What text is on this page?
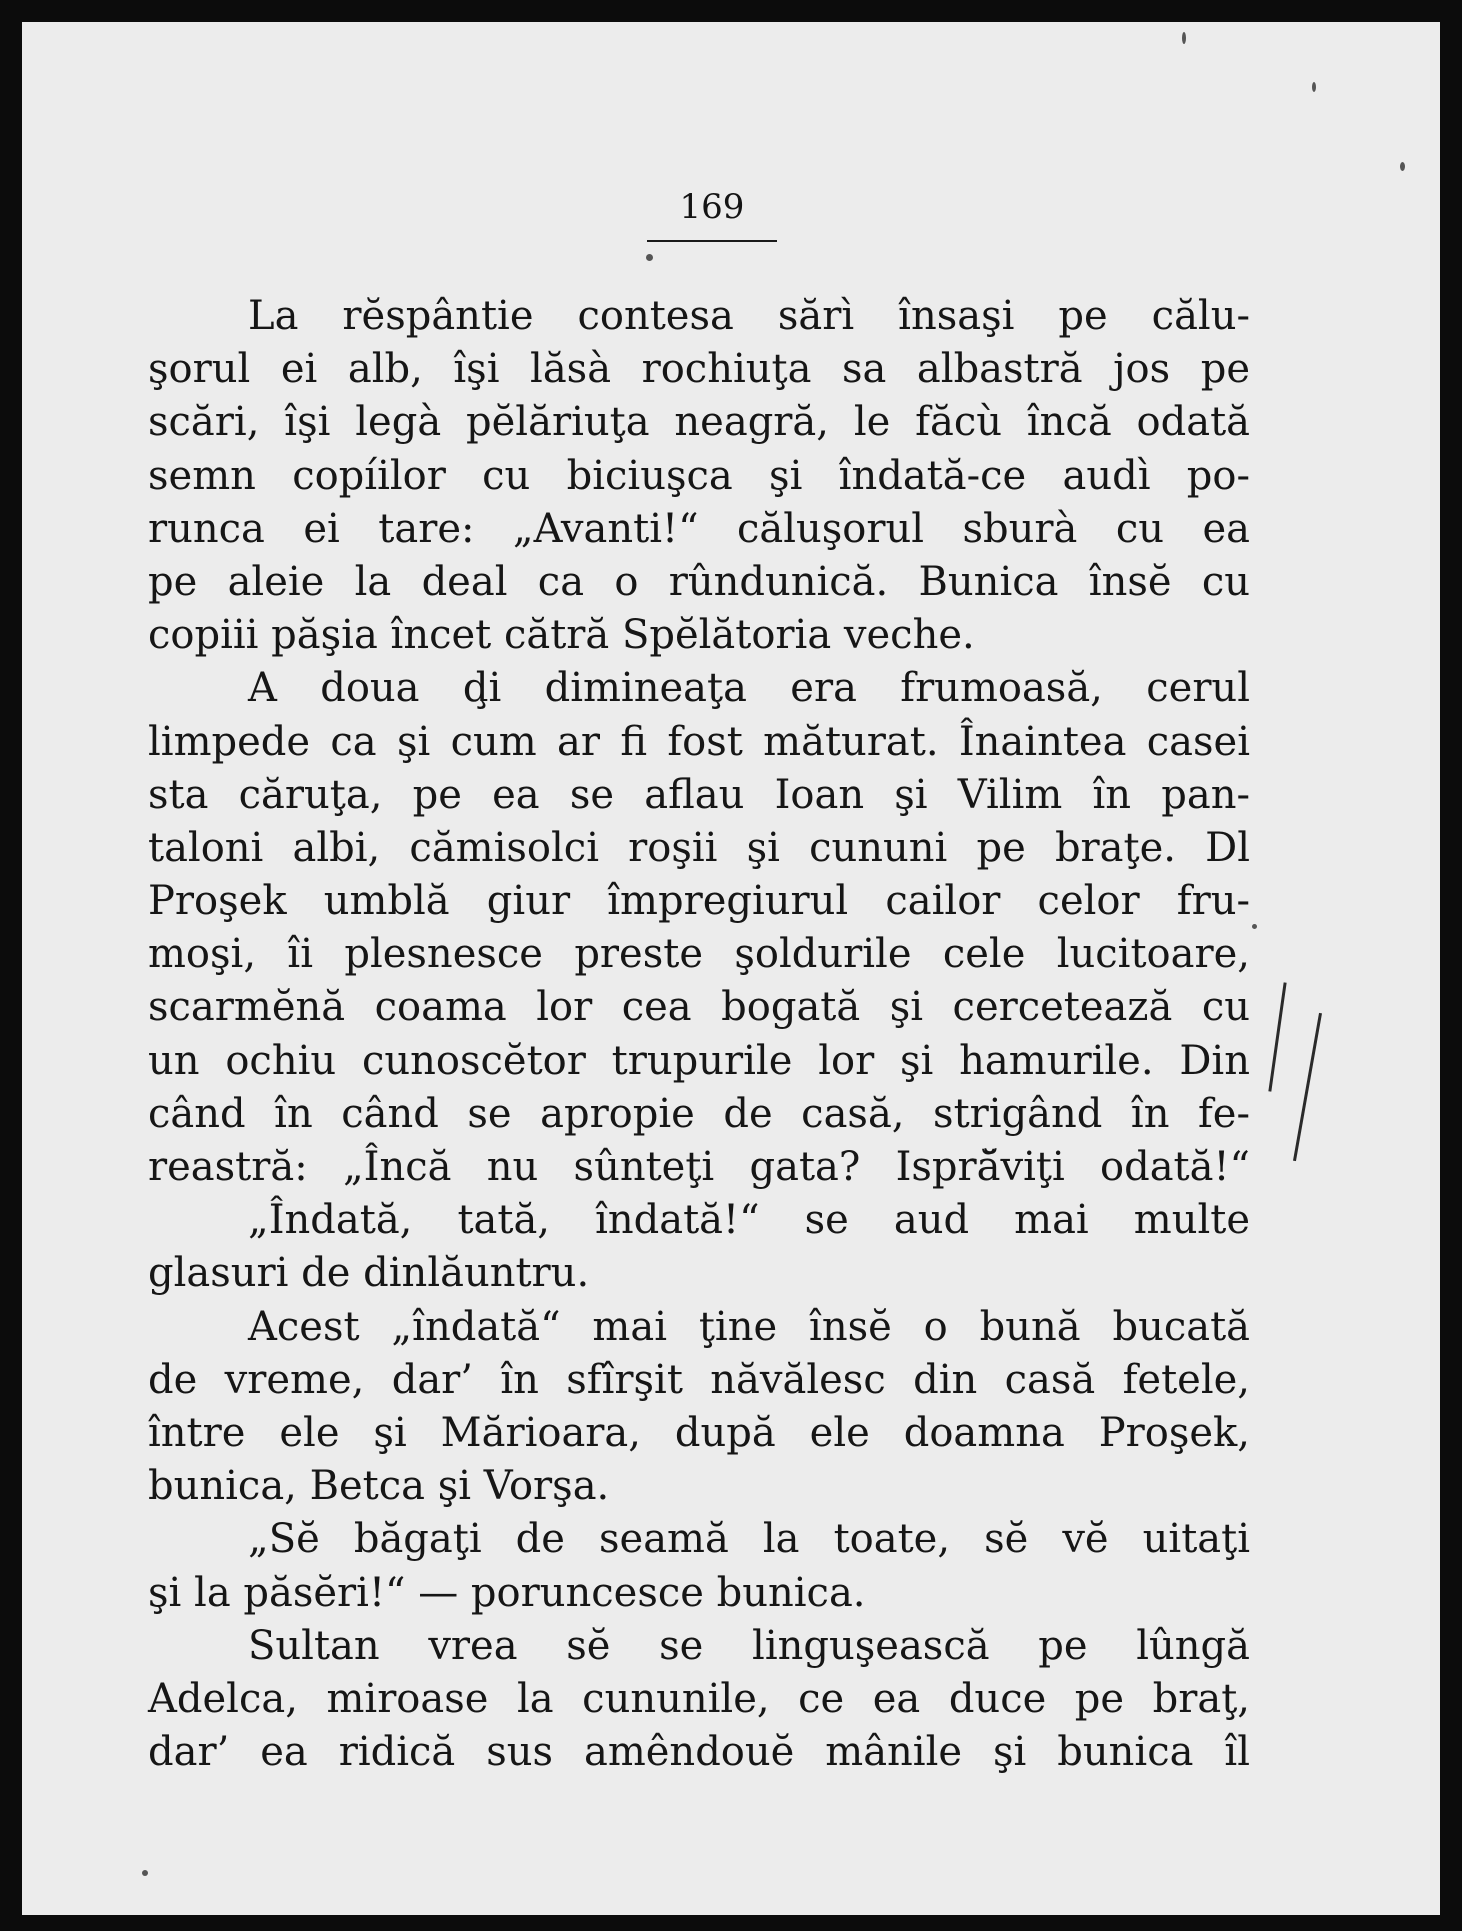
169
La rĕspântie contesa sărì însaşi pe călu-
şorul ei alb, îşi lăsà rochiuţa sa albastră jos pe
scări, îşi legà pĕlăriuţa neagră, le făcù încă odată
semn copíilor cu biciuşca şi îndată-ce audì po-
runca ei tare: „Avanti!“ căluşorul sburà cu ea
pe aleie la deal ca o rûndunică. Bunica însĕ cu
copiii păşia încet cătră Spĕlătoria veche.
A doua ḑi dimineaţa era frumoasă, cerul
limpede ca şi cum ar fi fost măturat. Înaintea casei
sta căruţa, pe ea se aflau Ioan şi Vilim în pan-
taloni albi, cămisolci roşii şi cununi pe braţe. Dl
Proşek umblă giur împregiurul cailor celor fru-
moşi, îi plesnesce preste şoldurile cele lucitoare,
scarmĕnă coama lor cea bogată şi cercetează cu
un ochiu cunoscĕtor trupurile lor şi hamurile. Din
când în când se apropie de casă, strigând în fe-
reastră: „Încă nu sûnteţi gata? Ispră̆viţi odată!“
„Îndată, tată, îndată!“ se aud mai multe
glasuri de dinlăuntru.
Acest „îndată“ mai ţine însĕ o bună bucată
de vreme, dar’ în sfîrşit năvălesc din casă fetele,
între ele şi Mărioara, după ele doamna Proşek,
bunica, Betca şi Vorşa.
„Sĕ băgaţi de seamă la toate, sĕ vĕ uitaţi
şi la păsĕri!“ — poruncesce bunica.
Sultan vrea sĕ se linguşească pe lûngă
Adelca, miroase la cununile, ce ea duce pe braţ,
dar’ ea ridică sus amêndouĕ mânile şi bunica îl
